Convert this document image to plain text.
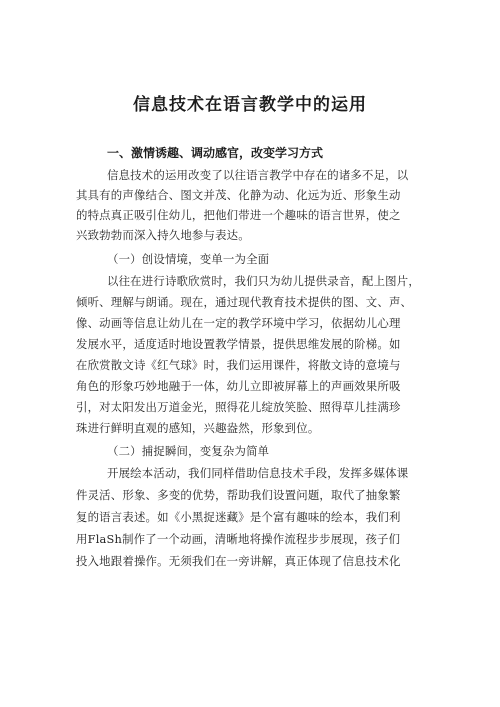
信息技术在语言教学中的运用
一、激情诱趣、调动感官，改变学习方式
信息技术的运用改变了以往语言教学中存在的诸多不足，以
其具有的声像结合、图文并茂、化静为动、化远为近、形象生动
的特点真正吸引住幼儿，把他们带进一个趣味的语言世界，使之
兴致勃勃而深入持久地参与表达。
（一）创设情境，变单一为全面
以往在进行诗歌欣赏时，我们只为幼儿提供录音，配上图片，
倾听、理解与朗诵。现在，通过现代教育技术提供的图、文、声、
像、动画等信息让幼儿在一定的教学环境中学习，依据幼儿心理
发展水平，适度适时地设置教学情景，提供思维发展的阶梯。如
在欣赏散文诗《红气球》时，我们运用课件，将散文诗的意境与
角色的形象巧妙地融于一体，幼儿立即被屏幕上的声画效果所吸
引，对太阳发出万道金光，照得花儿绽放笑脸、照得草儿挂满珍
珠进行鲜明直观的感知，兴趣盎然，形象到位。
（二）捕捉瞬间，变复杂为简单
开展绘本活动，我们同样借助信息技术手段，发挥多媒体课
件灵活、形象、多变的优势，帮助我们设置问题，取代了抽象繁
复的语言表述。如《小黑捉迷藏》是个富有趣味的绘本，我们利
用FlaSh制作了一个动画，清晰地将操作流程步步展现，孩子们
投入地跟着操作。无须我们在一旁讲解，真正体现了信息技术化
